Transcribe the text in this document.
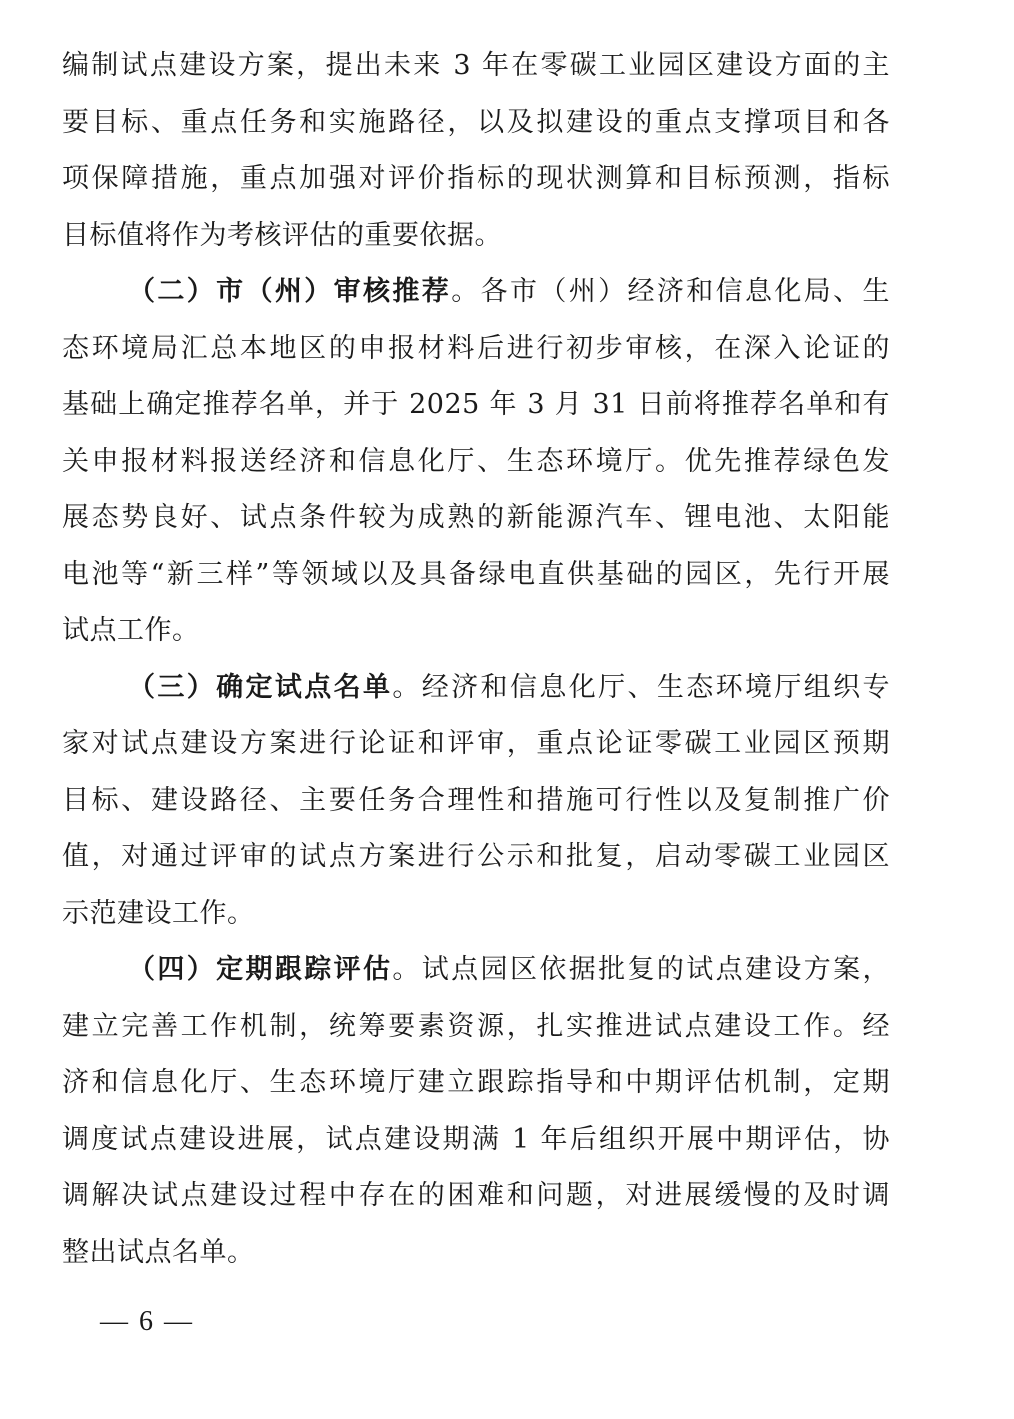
编制试点建设方案，提出未来 3 年在零碳工业园区建设方面的主
要目标、重点任务和实施路径，以及拟建设的重点支撑项目和各
项保障措施，重点加强对评价指标的现状测算和目标预测，指标
目标值将作为考核评估的重要依据。
（二）市（州）审核推荐。各市（州）经济和信息化局、生
态环境局汇总本地区的申报材料后进行初步审核，在深入论证的
基础上确定推荐名单，并于 2025 年 3 月 31 日前将推荐名单和有
关申报材料报送经济和信息化厅、生态环境厅。优先推荐绿色发
展态势良好、试点条件较为成熟的新能源汽车、锂电池、太阳能
电池等“新三样”等领域以及具备绿电直供基础的园区，先行开展
试点工作。
（三）确定试点名单。经济和信息化厅、生态环境厅组织专
家对试点建设方案进行论证和评审，重点论证零碳工业园区预期
目标、建设路径、主要任务合理性和措施可行性以及复制推广价
值，对通过评审的试点方案进行公示和批复，启动零碳工业园区
示范建设工作。
（四）定期跟踪评估。试点园区依据批复的试点建设方案，
建立完善工作机制，统筹要素资源，扎实推进试点建设工作。经
济和信息化厅、生态环境厅建立跟踪指导和中期评估机制，定期
调度试点建设进展，试点建设期满 1 年后组织开展中期评估，协
调解决试点建设过程中存在的困难和问题，对进展缓慢的及时调
整出试点名单。
— 6 —
